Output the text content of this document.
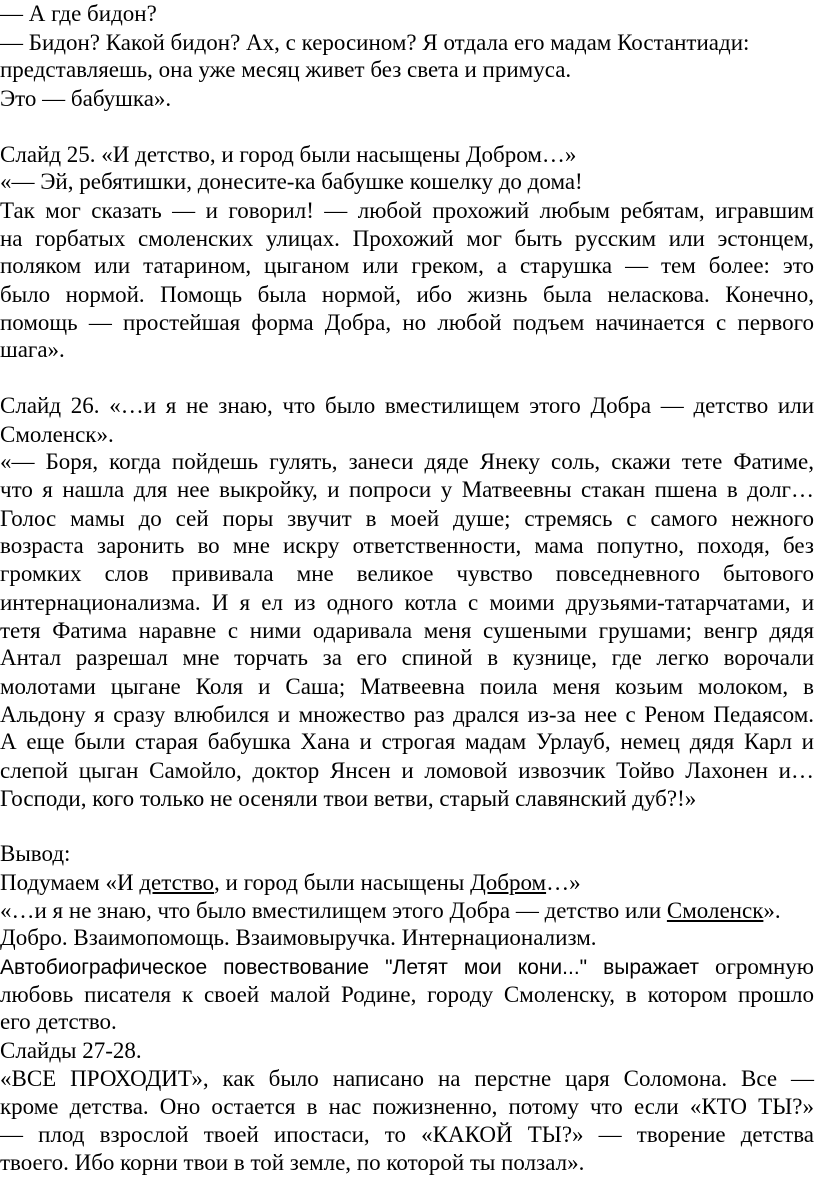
— А где бидон?
— Бидон? Какой бидон? Ах, с керосином? Я отдала его мадам Костантиади:
представляешь, она уже месяц живет без света и примуса.
Это — бабушка».
Слайд 25. «И детство, и город были насыщены Добром…»
«— Эй, ребятишки, донесите-ка бабушке кошелку до дома!
Так мог сказать — и говорил! — любой прохожий любым ребятам, игравшим
на горбатых смоленских улицах. Прохожий мог быть русским или эстонцем,
поляком или татарином, цыганом или греком, а старушка — тем более: это
было нормой. Помощь была нормой, ибо жизнь была неласкова. Конечно,
помощь — простейшая форма Добра, но любой подъем начинается с первого
шага».
Слайд 26. «…и я не знаю, что было вместилищем этого Добра — детство или
Смоленск».
«— Боря, когда пойдешь гулять, занеси дяде Янеку соль, скажи тете Фатиме,
что я нашла для нее выкройку, и попроси у Матвеевны стакан пшена в долг…
Голос мамы до сей поры звучит в моей душе; стремясь с самого нежного
возраста заронить во мне искру ответственности, мама попутно, походя, без
громких слов прививала мне великое чувство повседневного бытового
интернационализма. И я ел из одного котла с моими друзьями-татарчатами, и
тетя Фатима наравне с ними одаривала меня сушеными грушами; венгр дядя
Антал разрешал мне торчать за его спиной в кузнице, где легко ворочали
молотами цыгане Коля и Саша; Матвеевна поила меня козьим молоком, в
Альдону я сразу влюбился и множество раз дрался из-за нее с Реном Педаясом.
А еще были старая бабушка Хана и строгая мадам Урлауб, немец дядя Карл и
слепой цыган Самойло, доктор Янсен и ломовой извозчик Тойво Лахонен и…
Господи, кого только не осеняли твои ветви, старый славянский дуб?!»
Вывод:
Подумаем «И детство, и город были насыщены Добром…»
«…и я не знаю, что было вместилищем этого Добра — детство или Смоленск».
Добро. Взаимопомощь. Взаимовыручка. Интернационализм.
Автобиографическое повествование "Летят мои кони..." выражает огромную
любовь писателя к своей малой Родине, городу Смоленску, в котором прошло
его детство.
Слайды 27-28.
«ВСЕ ПРОХОДИТ», как было написано на перстне царя Соломона. Все —
кроме детства. Оно остается в нас пожизненно, потому что если «КТО ТЫ?»
— плод взрослой твоей ипостаси, то «КАКОЙ ТЫ?» — творение детства
твоего. Ибо корни твои в той земле, по которой ты ползал».
